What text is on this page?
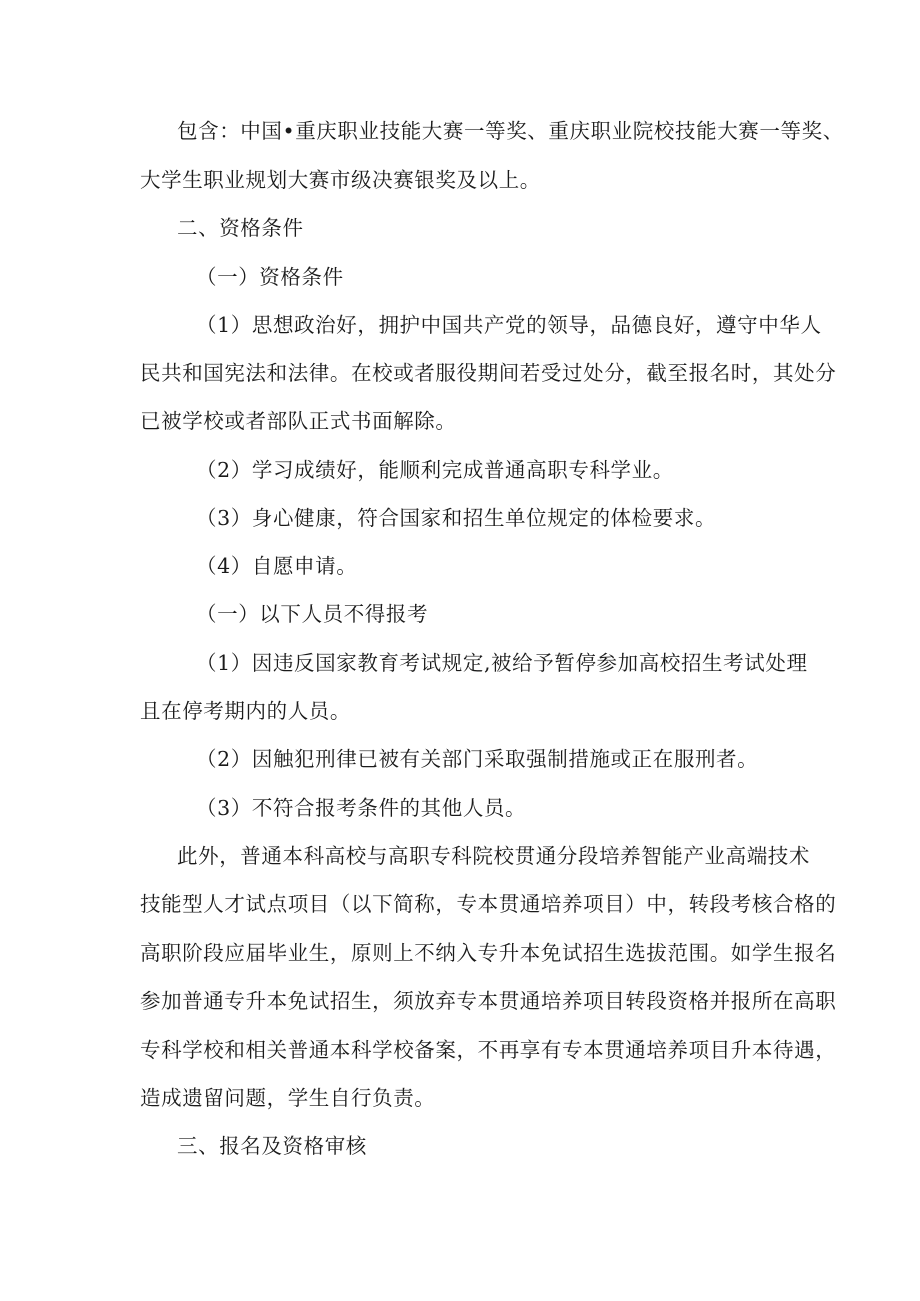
包含：中国•重庆职业技能大赛一等奖、重庆职业院校技能大赛一等奖、
大学生职业规划大赛市级决赛银奖及以上。
二、资格条件
（一）资格条件
（1）思想政治好，拥护中国共产党的领导，品德良好，遵守中华人
民共和国宪法和法律。在校或者服役期间若受过处分，截至报名时，其处分
已被学校或者部队正式书面解除。
（2）学习成绩好，能顺利完成普通高职专科学业。
（3）身心健康，符合国家和招生单位规定的体检要求。
（4）自愿申请。
（一）以下人员不得报考
（1）因违反国家教育考试规定,被给予暂停参加高校招生考试处理
且在停考期内的人员。
（2）因触犯刑律已被有关部门采取强制措施或正在服刑者。
（3）不符合报考条件的其他人员。
此外，普通本科高校与高职专科院校贯通分段培养智能产业高端技术
技能型人才试点项目（以下简称，专本贯通培养项目）中，转段考核合格的
高职阶段应届毕业生，原则上不纳入专升本免试招生选拔范围。如学生报名
参加普通专升本免试招生，须放弃专本贯通培养项目转段资格并报所在高职
专科学校和相关普通本科学校备案，不再享有专本贯通培养项目升本待遇，
造成遗留问题，学生自行负责。
三、报名及资格审核
